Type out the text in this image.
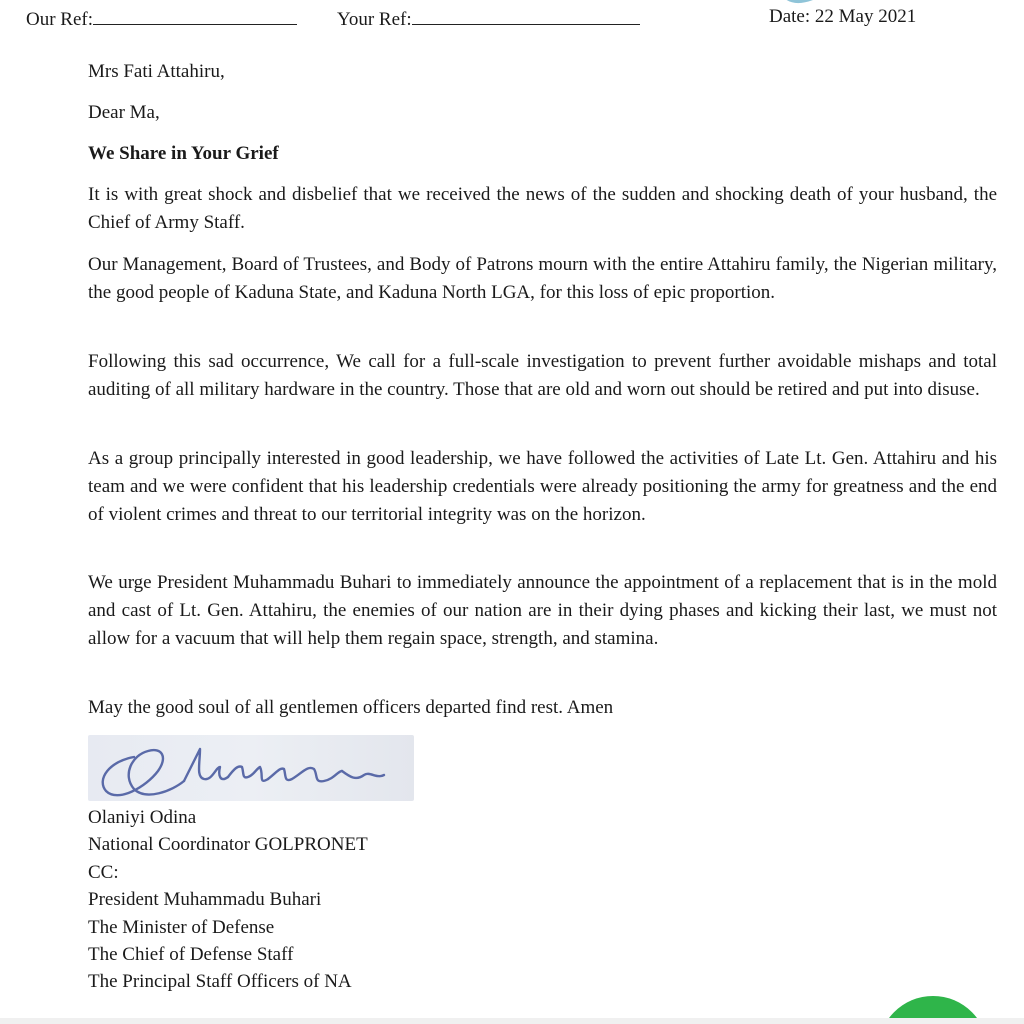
Our Ref:	Your Ref:	Date: 22 May 2021
Mrs Fati Attahiru,
Dear Ma,
We Share in Your Grief
It is with great shock and disbelief that we received the news of the sudden and shocking death of your husband, the Chief of Army Staff.
Our Management, Board of Trustees, and Body of Patrons mourn with the entire Attahiru family, the Nigerian military, the good people of Kaduna State, and Kaduna North LGA, for this loss of epic proportion.
Following this sad occurrence, We call for a full-scale investigation to prevent further avoidable mishaps and total auditing of all military hardware in the country. Those that are old and worn out should be retired and put into disuse.
As a group principally interested in good leadership, we have followed the activities of Late Lt. Gen. Attahiru and his team and we were confident that his leadership credentials were already positioning the army for greatness and the end of violent crimes and threat to our territorial integrity was on the horizon.
We urge President Muhammadu Buhari to immediately announce the appointment of a replacement that is in the mold and cast of Lt. Gen. Attahiru, the enemies of our nation are in their dying phases and kicking their last, we must not allow for a vacuum that will help them regain space, strength, and stamina.
May the good soul of all gentlemen officers departed find rest. Amen
Olaniyi Odina
National Coordinator GOLPRONET
CC:
President Muhammadu Buhari
The Minister of Defense
The Chief of Defense Staff
The Principal Staff Officers of NA
